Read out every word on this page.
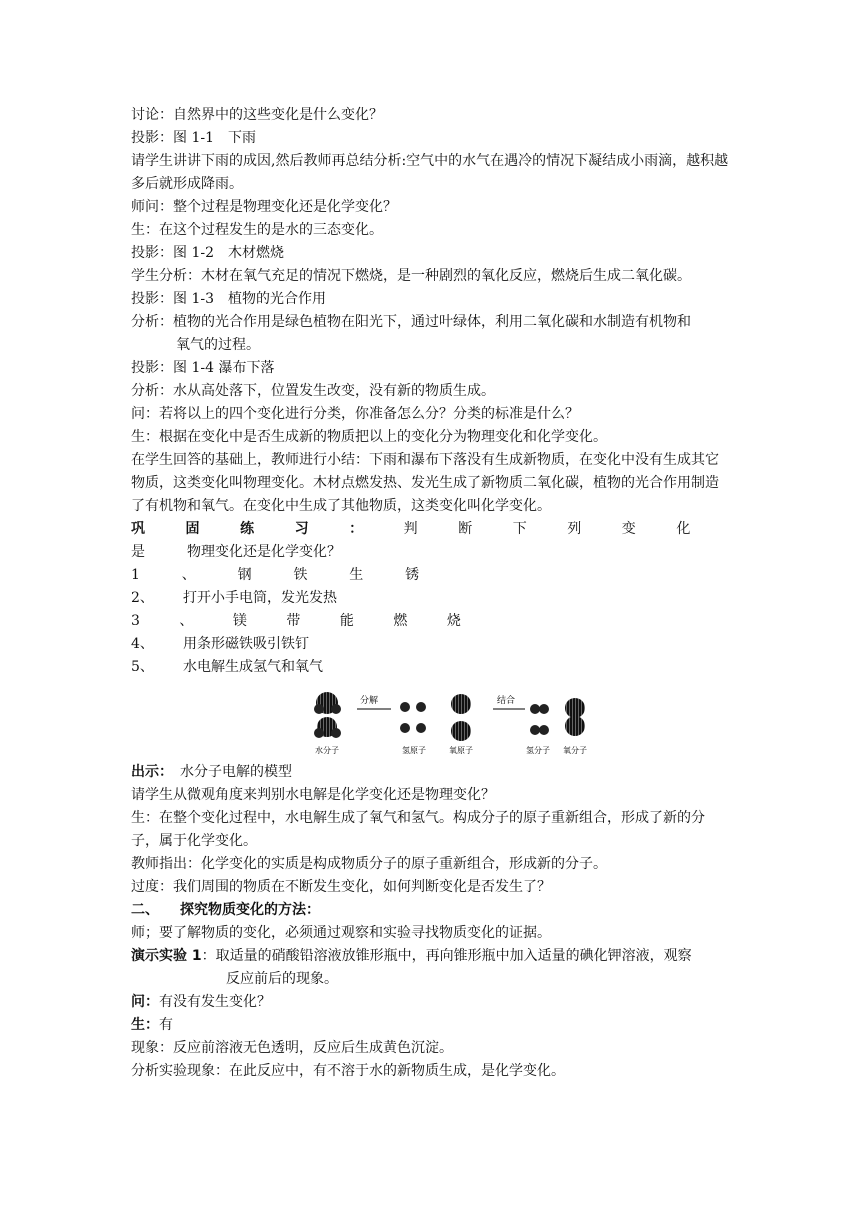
讨论：自然界中的这些变化是什么变化？
投影：图 1-1　下雨
请学生讲讲下雨的成因,然后教师再总结分析:空气中的水气在遇冷的情况下凝结成小雨滴，越积越多后就形成降雨。
师问：整个过程是物理变化还是化学变化？
生：在这个过程发生的是水的三态变化。
投影：图 1-2　木材燃烧
学生分析：木材在氧气充足的情况下燃烧，是一种剧烈的氧化反应，燃烧后生成二氧化碳。
投影：图 1-3　植物的光合作用
分析：植物的光合作用是绿色植物在阳光下，通过叶绿体，利用二氧化碳和水制造有机物和
氧气的过程。
投影：图 1-4 瀑布下落
分析：水从高处落下，位置发生改变，没有新的物质生成。
问：若将以上的四个变化进行分类，你准备怎么分？分类的标准是什么？
生：根据在变化中是否生成新的物质把以上的变化分为物理变化和化学变化。
在学生回答的基础上，教师进行小结：下雨和瀑布下落没有生成新物质，在变化中没有生成其它物质，这类变化叫物理变化。木材点燃发热、发光生成了新物质二氧化碳，植物的光合作用制造了有机物和氧气。在变化中生成了其他物质，这类变化叫化学变化。
巩	固	练	习	：	判	断	下	列	变	化
是　　　物理变化还是化学变化？
1	、	钢	铁	生	锈
2、 打开小手电筒，发光发热
3	、	镁	带	能	燃	烧
4、 用条形磁铁吸引铁钉
5、 水电解生成氢气和氧气
分解	结合
水分子	氢原子	氧原子	氢分子 氧分子
出示：　水分子电解的模型
请学生从微观角度来判别水电解是化学变化还是物理变化？
生：在整个变化过程中，水电解生成了氧气和氢气。构成分子的原子重新组合，形成了新的分子，属于化学变化。
教师指出：化学变化的实质是构成物质分子的原子重新组合，形成新的分子。
过度：我们周围的物质在不断发生变化，如何判断变化是否发生了？
二、　　探究物质变化的方法：
师；要了解物质的变化，必须通过观察和实验寻找物质变化的证据。
演示实验 1：取适量的硝酸铅溶液放锥形瓶中，再向锥形瓶中加入适量的碘化钾溶液，观察
反应前后的现象。
问：有没有发生变化？
生：有
现象：反应前溶液无色透明，反应后生成黄色沉淀。
分析实验现象：在此反应中，有不溶于水的新物质生成，是化学变化。
